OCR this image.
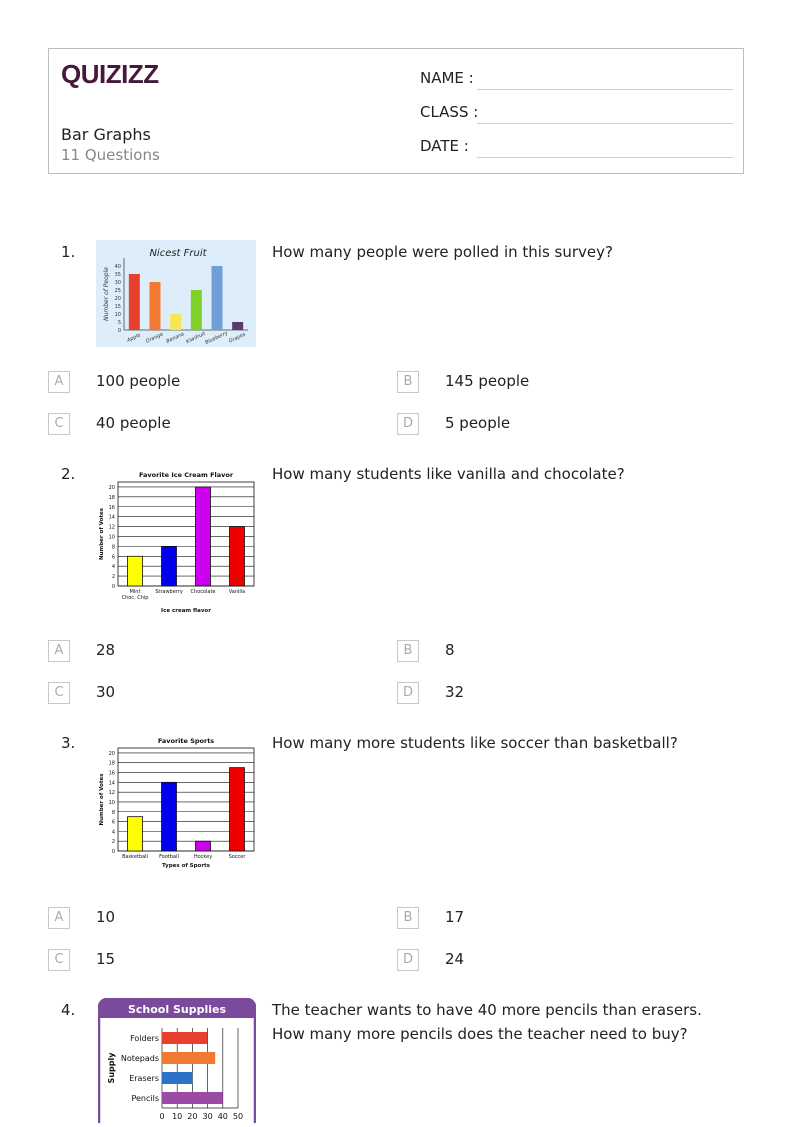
QUIZIZZ
Bar Graphs
11 Questions
NAME :
CLASS :
DATE :
1.	Nicest Fruit
0
5
10
15
20
25
30
35
40
Number of People
Apple Orange Banana Kiwifruit
Blueberry
Grapes
How many people were polled in this survey?
A	100 people	B	145 people
C	40 people	D	5 people
2.	Favorite Ice Cream Flavor
0
2
4
6
8
10
12
14
16
18
20
Number of Votes
Mint
Choc. Chip
Strawberry Chocolate	Vanilla
Ice cream flavor
How many students like vanilla and chocolate?
A	28	B	8
C	30	D	32
3.	Favorite Sports
0
2
4
6
8
10
12
14
16
18
20
Number of Votes
Basketball Football	Hockey	Soccer
Types of Sports
How many more students like soccer than basketball?
A	10	B	17
C	15	D	24
4.	School Supplies
0 10 20 30 40 50
Folders
Notepads
Erasers
Pencils
Supply
The teacher wants to have 40 more pencils than erasers. How many more pencils does the teacher need to buy?
